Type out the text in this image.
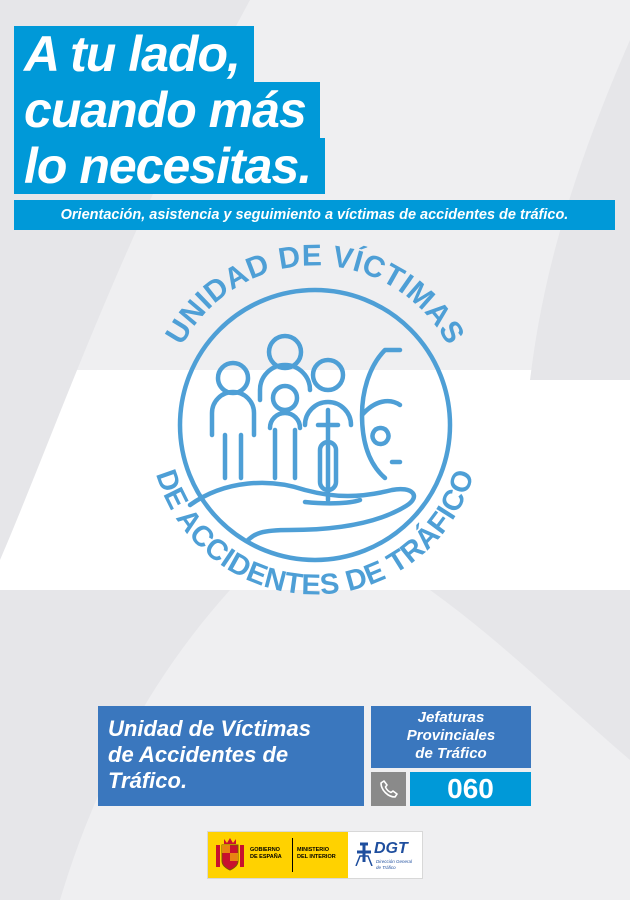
A tu lado,
cuando más
lo necesitas.
Orientación, asistencia y seguimiento a víctimas de accidentes de tráfico.
UNIDAD DE VÍCTIMAS
DE ACCIDENTES DE TRÁFICO
Unidad de Víctimas
de Accidentes de
Tráfico.
Jefaturas
Provinciales
de Tráfico
060
GOBIERNO
DE ESPAÑA
MINISTERIO
DEL INTERIOR DGT
Dirección General
de Tráfico
